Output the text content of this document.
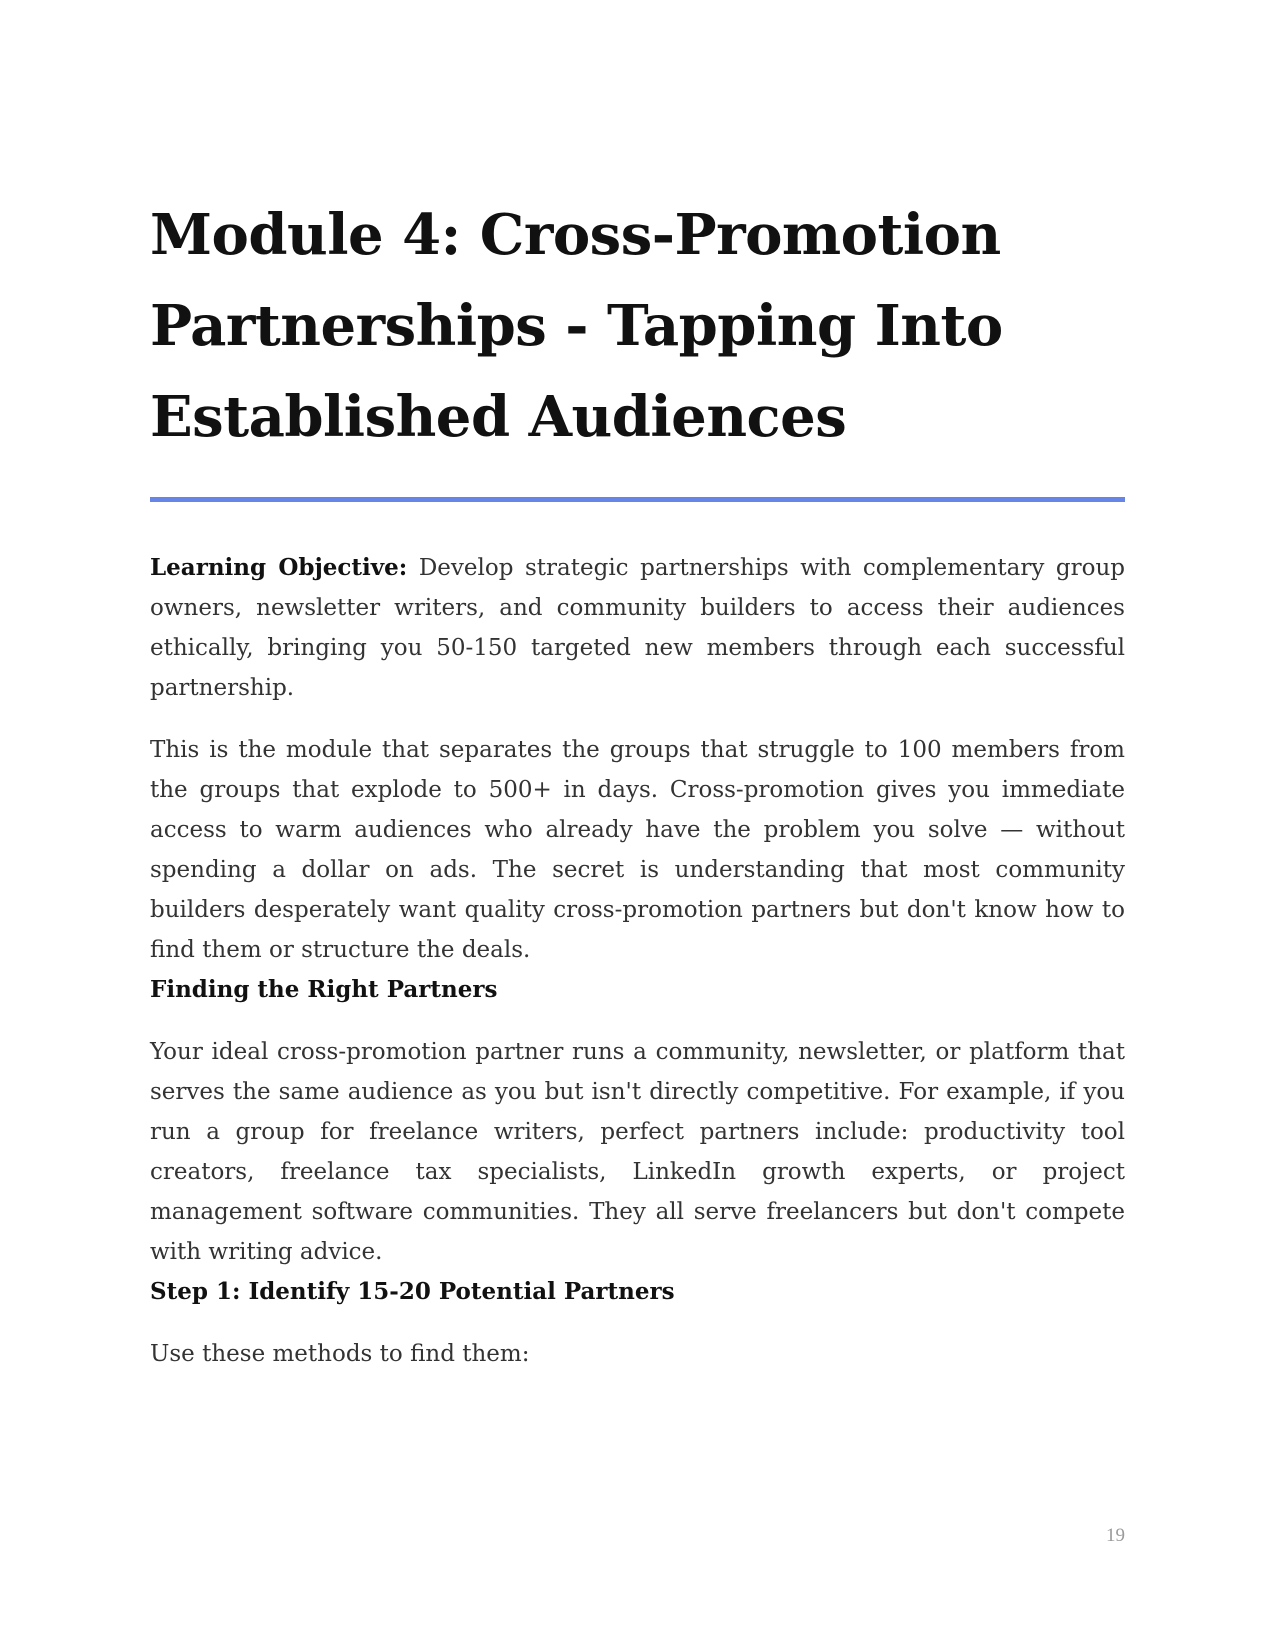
Module 4: Cross-Promotion Partnerships - Tapping Into Established Audiences

Learning Objective: Develop strategic partnerships with complementary group owners, newsletter writers, and community builders to access their audiences ethically, bringing you 50-150 targeted new members through each successful partnership.

This is the module that separates the groups that struggle to 100 members from the groups that explode to 500+ in days. Cross-promotion gives you immediate access to warm audiences who already have the problem you solve — without spending a dollar on ads. The secret is understanding that most community builders desperately want quality cross-promotion partners but don't know how to find them or structure the deals.

Finding the Right Partners

Your ideal cross-promotion partner runs a community, newsletter, or platform that serves the same audience as you but isn't directly competitive. For example, if you run a group for freelance writers, perfect partners include: productivity tool creators, freelance tax specialists, LinkedIn growth experts, or project management software communities. They all serve freelancers but don't compete with writing advice.

Step 1: Identify 15-20 Potential Partners

Use these methods to find them:

19
